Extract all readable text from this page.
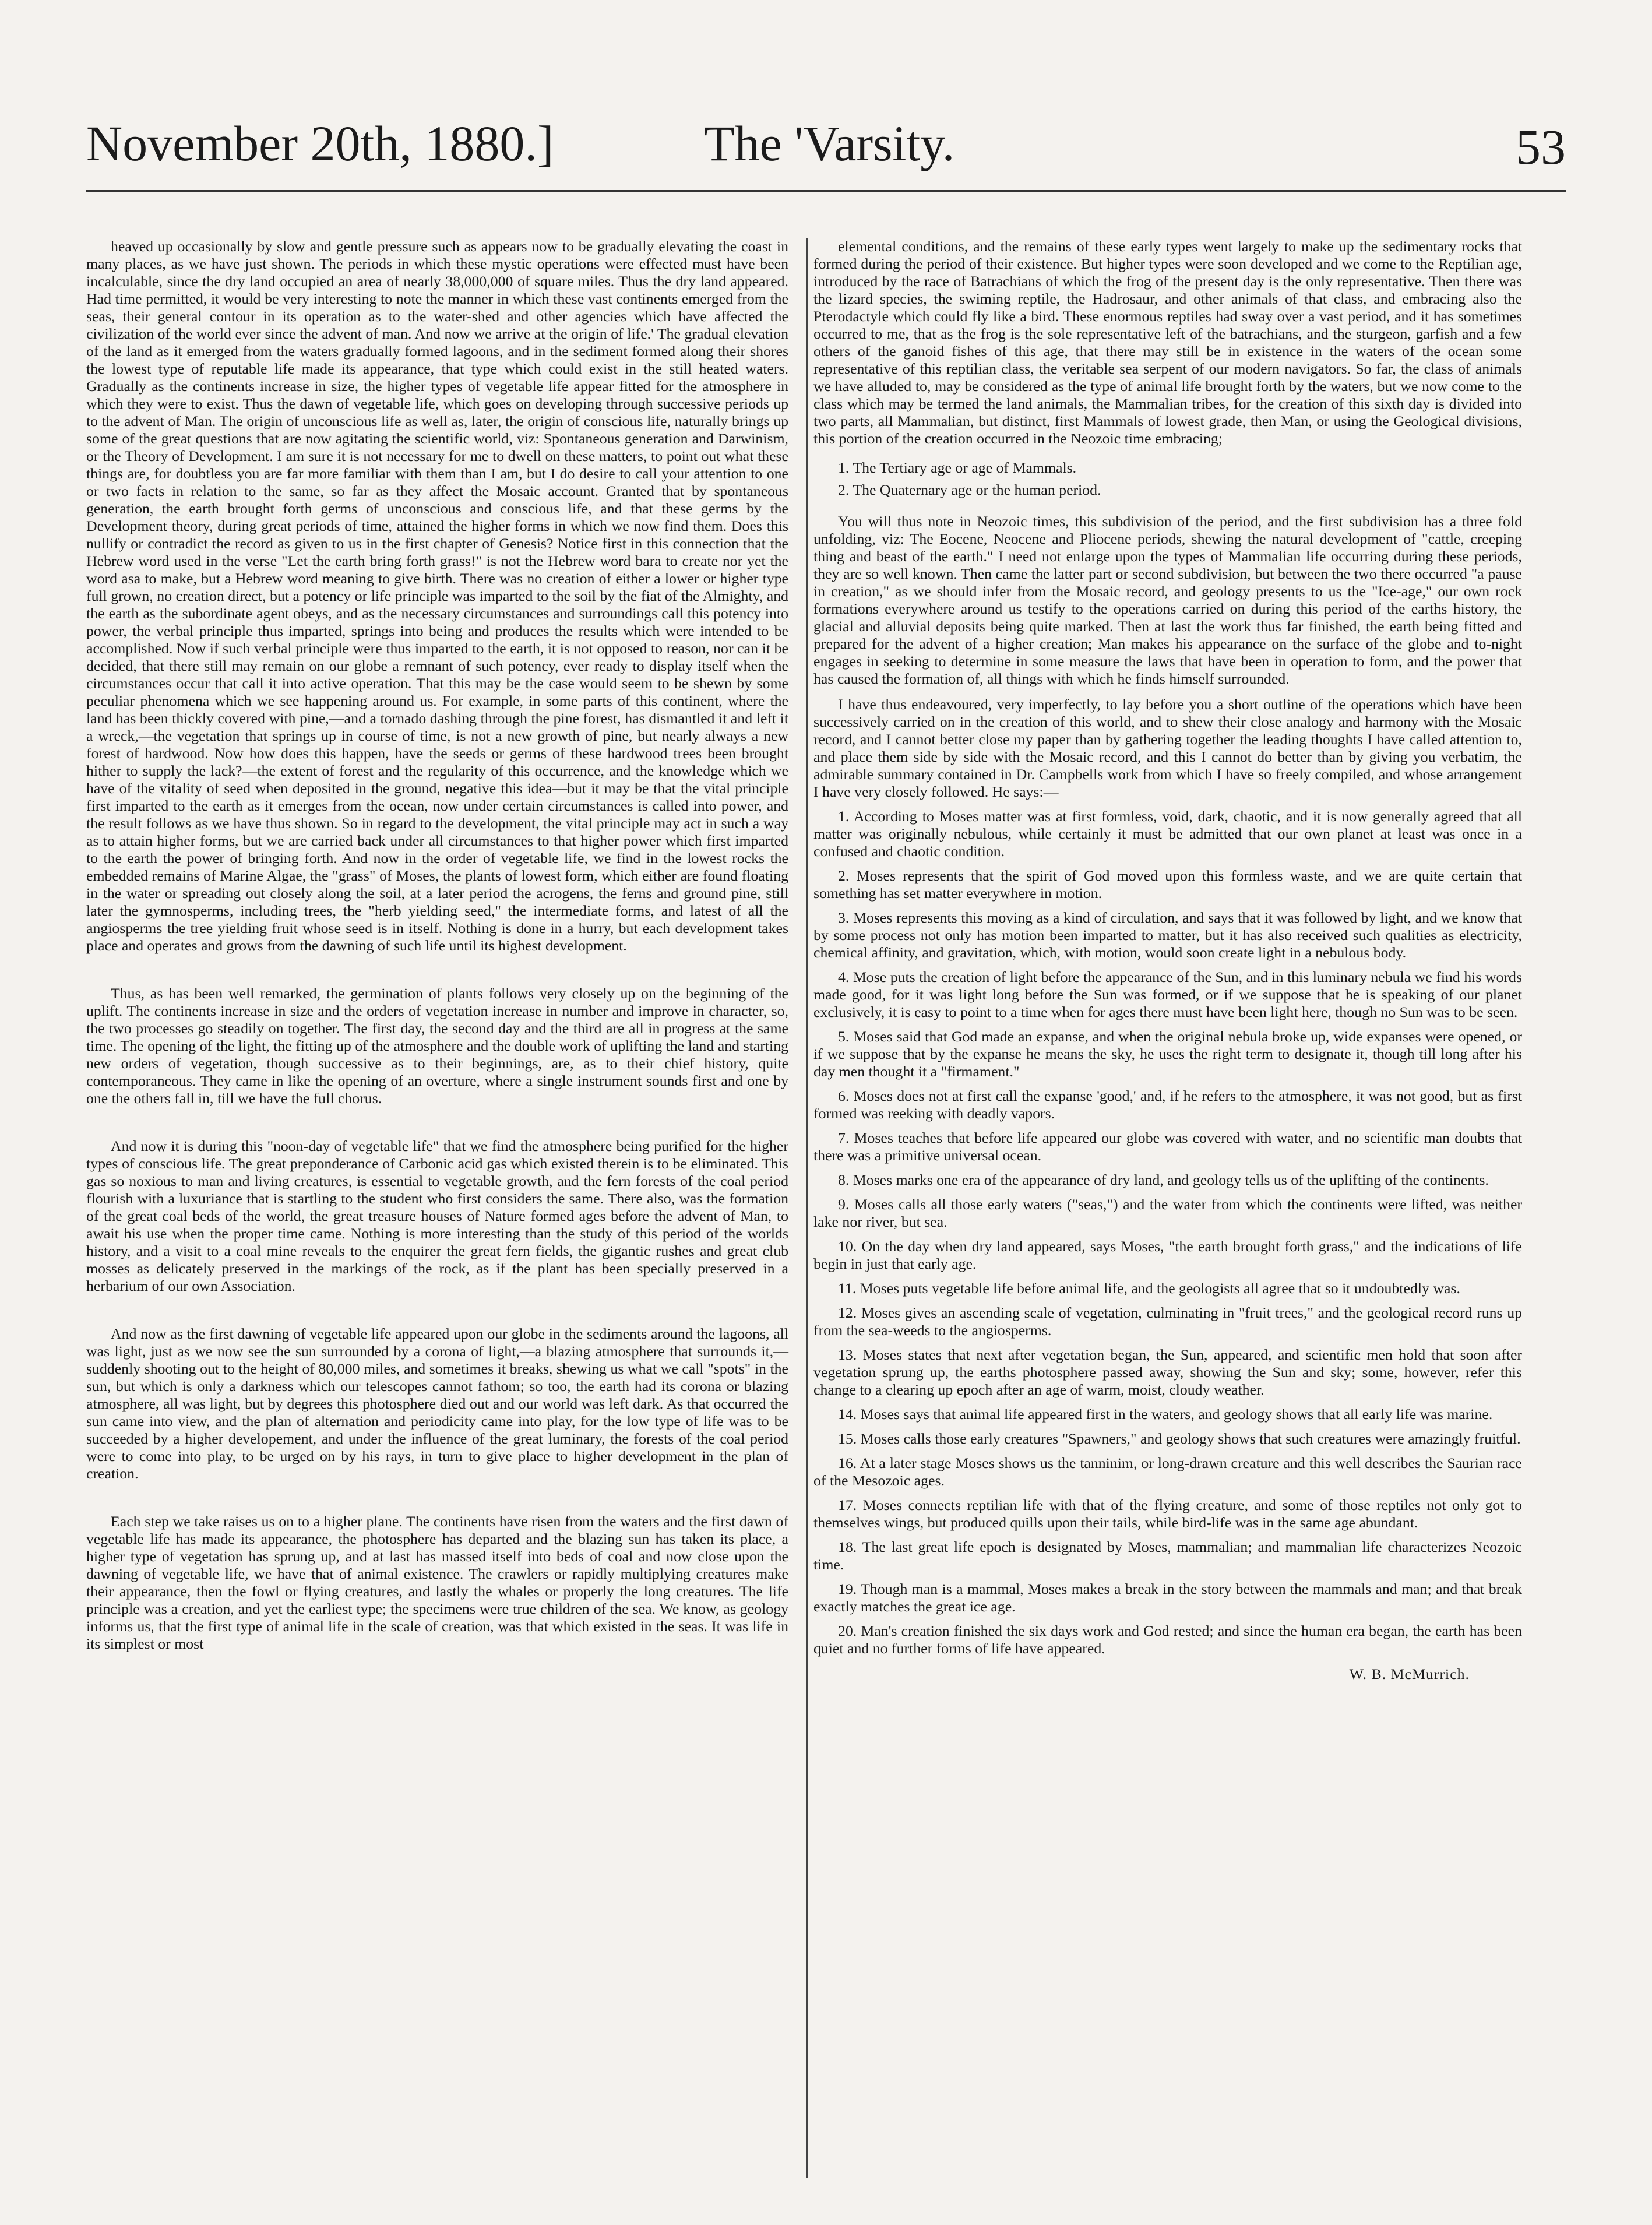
November 20th, 1880.]	The 'Varsity.	53

heaved up occasionally by slow and gentle pressure such as appears now to be gradually elevating the coast in many places, as we have just shown. The periods in which these mystic operations were effected must have been incalculable, since the dry land occupied an area of nearly 38,000,000 of square miles. Thus the dry land appeared. Had time permitted, it would be very interesting to note the manner in which these vast continents emerged from the seas, their general contour in its operation as to the water-shed and other agencies which have affected the civilization of the world ever since the advent of man. And now we arrive at the origin of life.' The gradual elevation of the land as it emerged from the waters gradually formed lagoons, and in the sediment formed along their shores the lowest type of reputable life made its appearance, that type which could exist in the still heated waters. Gradually as the continents increase in size, the higher types of vegetable life appear fitted for the atmosphere in which they were to exist. Thus the dawn of vegetable life, which goes on developing through successive periods up to the advent of Man. The origin of unconscious life as well as, later, the origin of conscious life, naturally brings up some of the great questions that are now agitating the scientific world, viz: Spontaneous generation and Darwinism, or the Theory of Development. I am sure it is not necessary for me to dwell on these matters, to point out what these things are, for doubtless you are far more familiar with them than I am, but I do desire to call your attention to one or two facts in relation to the same, so far as they affect the Mosaic account. Granted that by spontaneous generation, the earth brought forth germs of unconscious and conscious life, and that these germs by the Development theory, during great periods of time, attained the higher forms in which we now find them. Does this nullify or contradict the record as given to us in the first chapter of Genesis? Notice first in this connection that the Hebrew word used in the verse "Let the earth bring forth grass!" is not the Hebrew word bara to create nor yet the word asa to make, but a Hebrew word meaning to give birth. There was no creation of either a lower or higher type full grown, no creation direct, but a potency or life principle was imparted to the soil by the fiat of the Almighty, and the earth as the subordinate agent obeys, and as the necessary circumstances and surroundings call this potency into power, the verbal principle thus imparted, springs into being and produces the results which were intended to be accomplished. Now if such verbal principle were thus imparted to the earth, it is not opposed to reason, nor can it be decided, that there still may remain on our globe a remnant of such potency, ever ready to display itself when the circumstances occur that call it into active operation. That this may be the case would seem to be shewn by some peculiar phenomena which we see happening around us. For example, in some parts of this continent, where the land has been thickly covered with pine,—and a tornado dashing through the pine forest, has dismantled it and left it a wreck,—the vegetation that springs up in course of time, is not a new growth of pine, but nearly always a new forest of hardwood. Now how does this happen, have the seeds or germs of these hardwood trees been brought hither to supply the lack?—the extent of forest and the regularity of this occurrence, and the knowledge which we have of the vitality of seed when deposited in the ground, negative this idea—but it may be that the vital principle first imparted to the earth as it emerges from the ocean, now under certain circumstances is called into power, and the result follows as we have thus shown. So in regard to the development, the vital principle may act in such a way as to attain higher forms, but we are carried back under all circumstances to that higher power which first imparted to the earth the power of bringing forth. And now in the order of vegetable life, we find in the lowest rocks the embedded remains of Marine Algae, the "grass" of Moses, the plants of lowest form, which either are found floating in the water or spreading out closely along the soil, at a later period the acrogens, the ferns and ground pine, still later the gymnosperms, including trees, the "herb yielding seed," the intermediate forms, and latest of all the angiosperms the tree yielding fruit whose seed is in itself. Nothing is done in a hurry, but each development takes place and operates and grows from the dawning of such life until its highest development.

Thus, as has been well remarked, the germination of plants follows very closely up on the beginning of the uplift. The continents increase in size and the orders of vegetation increase in number and improve in character, so, the two processes go steadily on together. The first day, the second day and the third are all in progress at the same time. The opening of the light, the fitting up of the atmosphere and the double work of uplifting the land and starting new orders of vegetation, though successive as to their beginnings, are, as to their chief history, quite contemporaneous. They came in like the opening of an overture, where a single instrument sounds first and one by one the others fall in, till we have the full chorus.

And now it is during this "noon-day of vegetable life" that we find the atmosphere being purified for the higher types of conscious life. The great preponderance of Carbonic acid gas which existed therein is to be eliminated. This gas so noxious to man and living creatures, is essential to vegetable growth, and the fern forests of the coal period flourish with a luxuriance that is startling to the student who first considers the same. There also, was the formation of the great coal beds of the world, the great treasure houses of Nature formed ages before the advent of Man, to await his use when the proper time came. Nothing is more interesting than the study of this period of the worlds history, and a visit to a coal mine reveals to the enquirer the great fern fields, the gigantic rushes and great club mosses as delicately preserved in the markings of the rock, as if the plant has been specially preserved in a herbarium of our own Association.

And now as the first dawning of vegetable life appeared upon our globe in the sediments around the lagoons, all was light, just as we now see the sun surrounded by a corona of light,—a blazing atmosphere that surrounds it,—suddenly shooting out to the height of 80,000 miles, and sometimes it breaks, shewing us what we call "spots" in the sun, but which is only a darkness which our telescopes cannot fathom; so too, the earth had its corona or blazing atmosphere, all was light, but by degrees this photosphere died out and our world was left dark. As that occurred the sun came into view, and the plan of alternation and periodicity came into play, for the low type of life was to be succeeded by a higher developement, and under the influence of the great luminary, the forests of the coal period were to come into play, to be urged on by his rays, in turn to give place to higher development in the plan of creation.

Each step we take raises us on to a higher plane. The continents have risen from the waters and the first dawn of vegetable life has made its appearance, the photosphere has departed and the blazing sun has taken its place, a higher type of vegetation has sprung up, and at last has massed itself into beds of coal and now close upon the dawning of vegetable life, we have that of animal existence. The crawlers or rapidly multiplying creatures make their appearance, then the fowl or flying creatures, and lastly the whales or properly the long creatures. The life principle was a creation, and yet the earliest type; the specimens were true children of the sea. We know, as geology informs us, that the first type of animal life in the scale of creation, was that which existed in the seas. It was life in its simplest or most

elemental conditions, and the remains of these early types went largely to make up the sedimentary rocks that formed during the period of their existence. But higher types were soon developed and we come to the Reptilian age, introduced by the race of Batrachians of which the frog of the present day is the only representative. Then there was the lizard species, the swiming reptile, the Hadrosaur, and other animals of that class, and embracing also the Pterodactyle which could fly like a bird. These enormous reptiles had sway over a vast period, and it has sometimes occurred to me, that as the frog is the sole representative left of the batrachians, and the sturgeon, garfish and a few others of the ganoid fishes of this age, that there may still be in existence in the waters of the ocean some representative of this reptilian class, the veritable sea serpent of our modern navigators. So far, the class of animals we have alluded to, may be considered as the type of animal life brought forth by the waters, but we now come to the class which may be termed the land animals, the Mammalian tribes, for the creation of this sixth day is divided into two parts, all Mammalian, but distinct, first Mammals of lowest grade, then Man, or using the Geological divisions, this portion of the creation occurred in the Neozoic time embracing;

1. The Tertiary age or age of Mammals.
2. The Quaternary age or the human period.

You will thus note in Neozoic times, this subdivision of the period, and the first subdivision has a three fold unfolding, viz: The Eocene, Neocene and Pliocene periods, shewing the natural development of "cattle, creeping thing and beast of the earth." I need not enlarge upon the types of Mammalian life occurring during these periods, they are so well known. Then came the latter part or second subdivision, but between the two there occurred "a pause in creation," as we should infer from the Mosaic record, and geology presents to us the "Ice-age," our own rock formations everywhere around us testify to the operations carried on during this period of the earths history, the glacial and alluvial deposits being quite marked. Then at last the work thus far finished, the earth being fitted and prepared for the advent of a higher creation; Man makes his appearance on the surface of the globe and to-night engages in seeking to determine in some measure the laws that have been in operation to form, and the power that has caused the formation of, all things with which he finds himself surrounded.

I have thus endeavoured, very imperfectly, to lay before you a short outline of the operations which have been successively carried on in the creation of this world, and to shew their close analogy and harmony with the Mosaic record, and I cannot better close my paper than by gathering together the leading thoughts I have called attention to, and place them side by side with the Mosaic record, and this I cannot do better than by giving you verbatim, the admirable summary contained in Dr. Campbells work from which I have so freely compiled, and whose arrangement I have very closely followed. He says:—

1. According to Moses matter was at first formless, void, dark, chaotic, and it is now generally agreed that all matter was originally nebulous, while certainly it must be admitted that our own planet at least was once in a confused and chaotic condition.
2. Moses represents that the spirit of God moved upon this formless waste, and we are quite certain that something has set matter everywhere in motion.
3. Moses represents this moving as a kind of circulation, and says that it was followed by light, and we know that by some process not only has motion been imparted to matter, but it has also received such qualities as electricity, chemical affinity, and gravitation, which, with motion, would soon create light in a nebulous body.
4. Mose puts the creation of light before the appearance of the Sun, and in this luminary nebula we find his words made good, for it was light long before the Sun was formed, or if we suppose that he is speaking of our planet exclusively, it is easy to point to a time when for ages there must have been light here, though no Sun was to be seen.
5. Moses said that God made an expanse, and when the original nebula broke up, wide expanses were opened, or if we suppose that by the expanse he means the sky, he uses the right term to designate it, though till long after his day men thought it a "firmament."
6. Moses does not at first call the expanse 'good,' and, if he refers to the atmosphere, it was not good, but as first formed was reeking with deadly vapors.
7. Moses teaches that before life appeared our globe was covered with water, and no scientific man doubts that there was a primitive universal ocean.
8. Moses marks one era of the appearance of dry land, and geology tells us of the uplifting of the continents.
9. Moses calls all those early waters ("seas,") and the water from which the continents were lifted, was neither lake nor river, but sea.
10. On the day when dry land appeared, says Moses, "the earth brought forth grass," and the indications of life begin in just that early age.
11. Moses puts vegetable life before animal life, and the geologists all agree that so it undoubtedly was.
12. Moses gives an ascending scale of vegetation, culminating in "fruit trees," and the geological record runs up from the sea-weeds to the angiosperms.
13. Moses states that next after vegetation began, the Sun, appeared, and scientific men hold that soon after vegetation sprung up, the earths photosphere passed away, showing the Sun and sky; some, however, refer this change to a clearing up epoch after an age of warm, moist, cloudy weather.
14. Moses says that animal life appeared first in the waters, and geology shows that all early life was marine.
15. Moses calls those early creatures "Spawners," and geology shows that such creatures were amazingly fruitful.
16. At a later stage Moses shows us the tanninim, or long-drawn creature and this well describes the Saurian race of the Mesozoic ages.
17. Moses connects reptilian life with that of the flying creature, and some of those reptiles not only got to themselves wings, but produced quills upon their tails, while bird-life was in the same age abundant.
18. The last great life epoch is designated by Moses, mammalian; and mammalian life characterizes Neozoic time.
19. Though man is a mammal, Moses makes a break in the story between the mammals and man; and that break exactly matches the great ice age.
20. Man's creation finished the six days work and God rested; and since the human era began, the earth has been quiet and no further forms of life have appeared.
W. B. McMurrich.
